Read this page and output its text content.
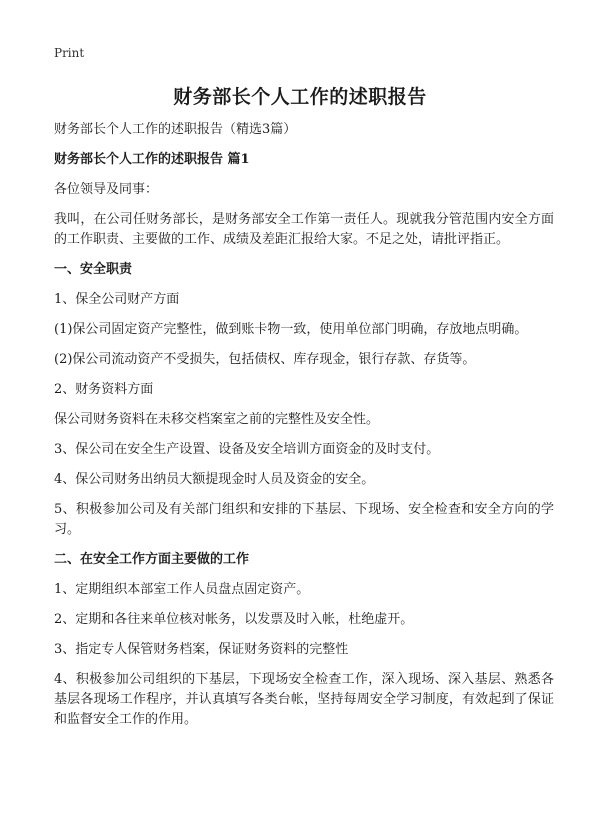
Print
财务部长个人工作的述职报告

财务部长个人工作的述职报告（精选3篇）

财务部长个人工作的述职报告 篇1

各位领导及同事：

我叫，在公司任财务部长，是财务部安全工作第一责任人。现就我分管范围内安全方面的工作职责、主要做的工作、成绩及差距汇报给大家。不足之处，请批评指正。

一、安全职责

1、保全公司财产方面

(1)保公司固定资产完整性，做到账卡物一致，使用单位部门明确，存放地点明确。

(2)保公司流动资产不受损失，包括债权、库存现金，银行存款、存货等。

2、财务资料方面

保公司财务资料在未移交档案室之前的完整性及安全性。

3、保公司在安全生产设置、设备及安全培训方面资金的及时支付。

4、保公司财务出纳员大额提现金时人员及资金的安全。

5、积极参加公司及有关部门组织和安排的下基层、下现场、安全检查和安全方向的学习。

二、在安全工作方面主要做的工作

1、定期组织本部室工作人员盘点固定资产。

2、定期和各往来单位核对帐务，以发票及时入帐，杜绝虚开。

3、指定专人保管财务档案，保证财务资料的完整性

4、积极参加公司组织的下基层，下现场安全检查工作，深入现场、深入基层、熟悉各基层各现场工作程序，并认真填写各类台帐，坚持每周安全学习制度，有效起到了保证和监督安全工作的作用。
